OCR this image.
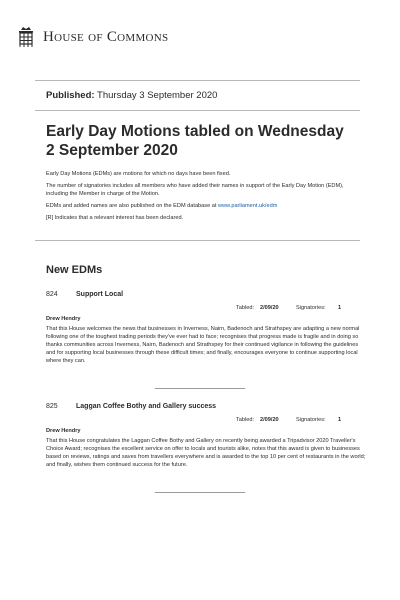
House of Commons
Published: Thursday 3 September 2020
Early Day Motions tabled on Wednesday 2 September 2020

Early Day Motions (EDMs) are motions for which no days have been fixed.

The number of signatories includes all members who have added their names in support of the Early Day Motion (EDM), including the Member in charge of the Motion.

EDMs and added names are also published on the EDM database at www.parliament.uk/edm

[R] Indicates that a relevant interest has been declared.

New EDMs
824	Support Local
Tabled: 2/09/20	Signatories: 1
Drew Hendry
That this House welcomes the news that businesses in Inverness, Nairn, Badenoch and Strathspey are adapting a new normal following one of the toughest trading periods they've ever had to face; recognises that progress made is fragile and in doing so thanks communities across Inverness, Nairn, Badenoch and Strathspey for their continued vigilance in following the guidelines and for supporting local businesses through these difficult times; and finally, encourages everyone to continue supporting local where they can.
825	Laggan Coffee Bothy and Gallery success
Tabled: 2/09/20	Signatories: 1
Drew Hendry
That this House congratulates the Laggan Coffee Bothy and Gallery on recently being awarded a Tripadvisor 2020 Traveller's Choice Award; recognises the excellent service on offer to locals and tourists alike, notes that this award is given to businesses based on reviews, ratings and saves from travellers everywhere and is awarded to the top 10 per cent of restaurants in the world; and finally, wishes them continued success for the future.
